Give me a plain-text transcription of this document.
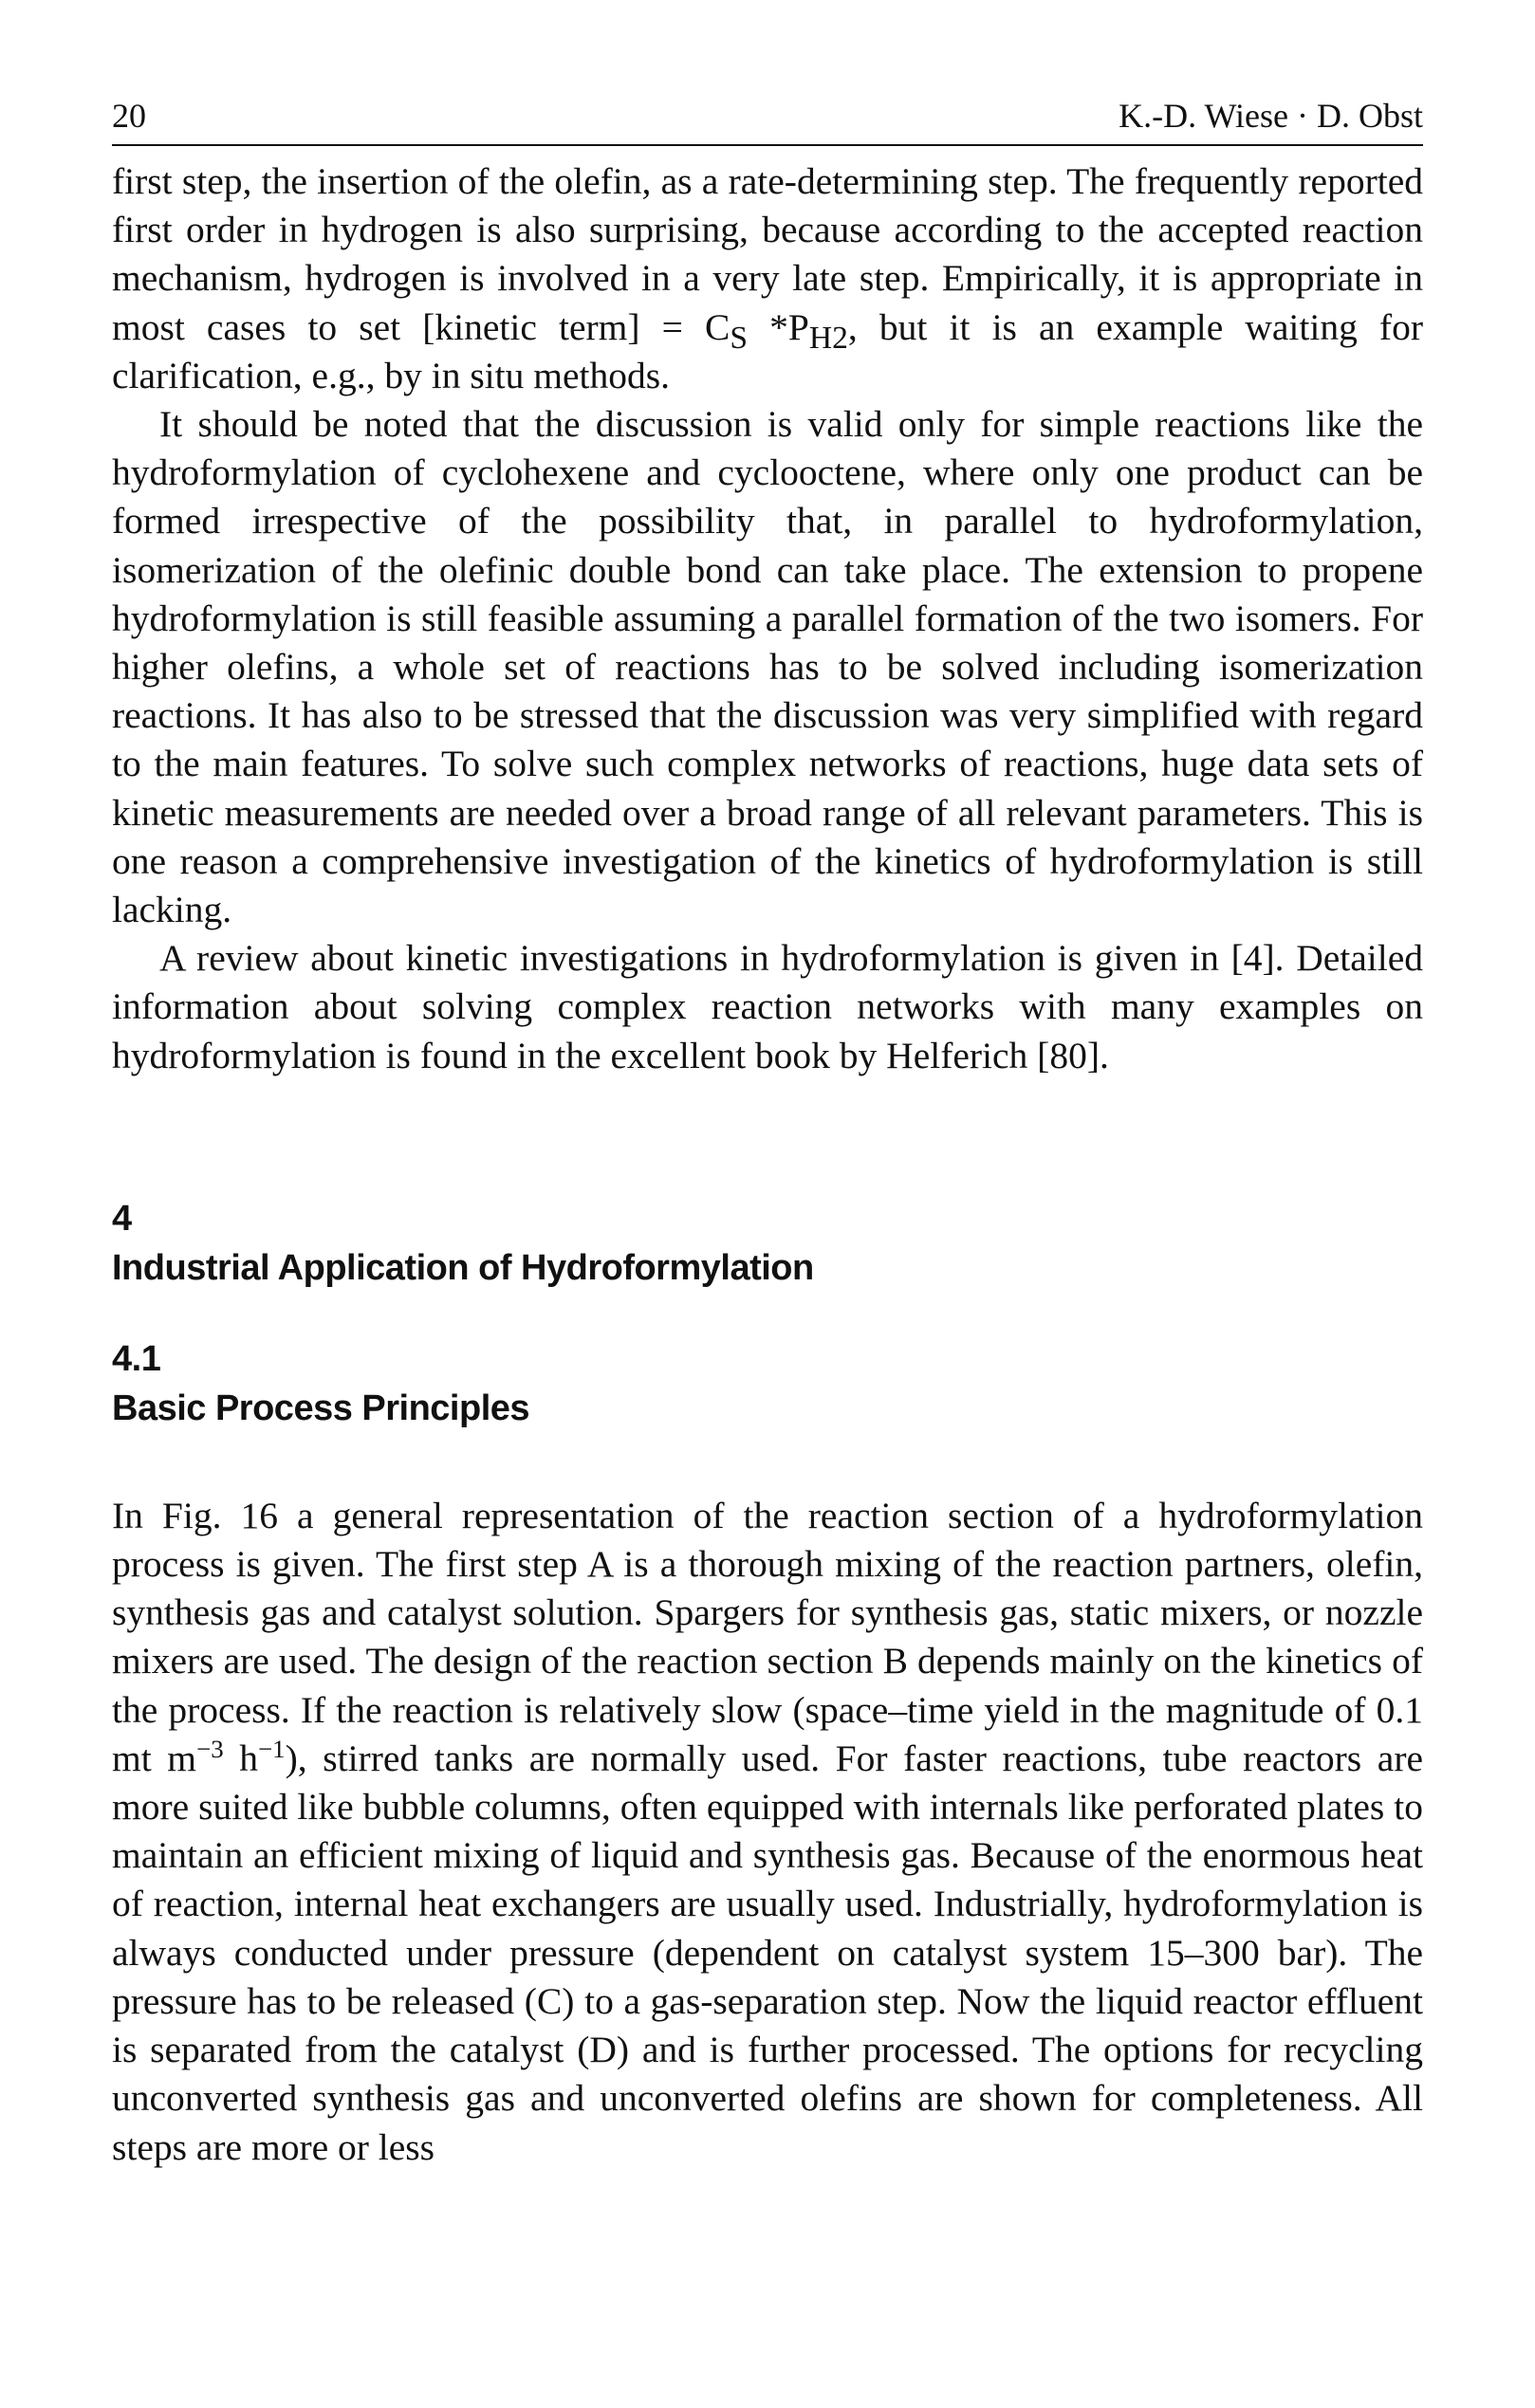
20	K.-D. Wiese · D. Obst

first step, the insertion of the olefin, as a rate-determining step. The frequently reported first order in hydrogen is also surprising, because according to the accepted reaction mechanism, hydrogen is involved in a very late step. Empirically, it is appropriate in most cases to set [kinetic term] = $C_S$ $*P_{H2}$, but it is an example waiting for clarification, e.g., by in situ methods.

It should be noted that the discussion is valid only for simple reactions like the hydroformylation of cyclohexene and cyclooctene, where only one product can be formed irrespective of the possibility that, in parallel to hydroformylation, isomerization of the olefinic double bond can take place. The extension to propene hydroformylation is still feasible assuming a parallel formation of the two isomers. For higher olefins, a whole set of reactions has to be solved including isomerization reactions. It has also to be stressed that the discussion was very simplified with regard to the main features. To solve such complex networks of reactions, huge data sets of kinetic measurements are needed over a broad range of all relevant parameters. This is one reason a comprehensive investigation of the kinetics of hydroformylation is still lacking.

A review about kinetic investigations in hydroformylation is given in [4]. Detailed information about solving complex reaction networks with many examples on hydroformylation is found in the excellent book by Helferich [80].

4
Industrial Application of Hydroformylation
4.1
Basic Process Principles

In Fig. 16 a general representation of the reaction section of a hydroformylation process is given. The first step A is a thorough mixing of the reaction partners, olefin, synthesis gas and catalyst solution. Spargers for synthesis gas, static mixers, or nozzle mixers are used. The design of the reaction section B depends mainly on the kinetics of the process. If the reaction is relatively slow (space–time yield in the magnitude of 0.1 mt $m^{-3}$ $h^{-1}$), stirred tanks are normally used. For faster reactions, tube reactors are more suited like bubble columns, often equipped with internals like perforated plates to maintain an efficient mixing of liquid and synthesis gas. Because of the enormous heat of reaction, internal heat exchangers are usually used. Industrially, hydroformylation is always conducted under pressure (dependent on catalyst system 15–300 bar). The pressure has to be released (C) to a gas-separation step. Now the liquid reactor effluent is separated from the catalyst (D) and is further processed. The options for recycling unconverted synthesis gas and unconverted olefins are shown for completeness. All steps are more or less
